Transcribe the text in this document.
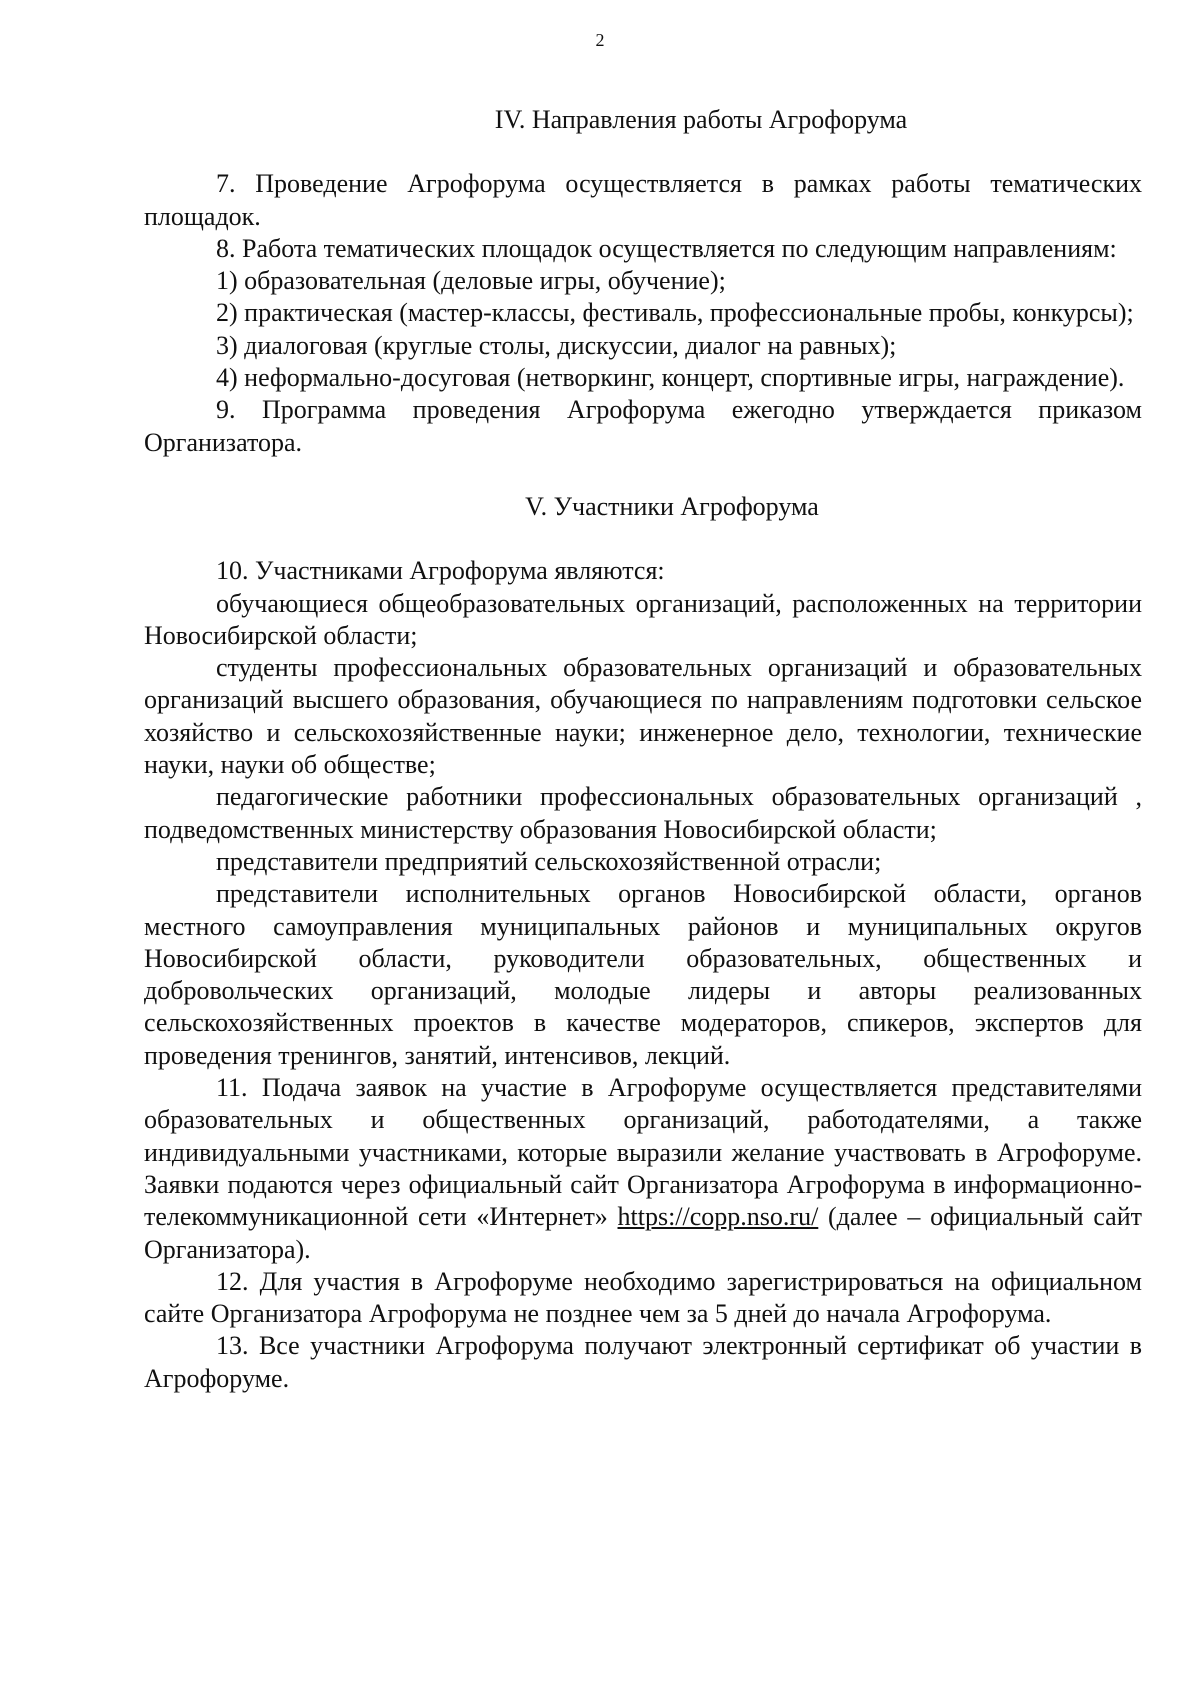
2

IV. Направления работы Агрофорума

7. Проведение Агрофорума осуществляется в рамках работы тематических площадок.

8. Работа тематических площадок осуществляется по следующим направлениям:

1) образовательная (деловые игры, обучение);

2) практическая (мастер-классы, фестиваль, профессиональные пробы, конкурсы);

3) диалоговая (круглые столы, дискуссии, диалог на равных);

4) неформально-досуговая (нетворкинг, концерт, спортивные игры, награждение).

9. Программа проведения Агрофорума ежегодно утверждается приказом Организатора.

V. Участники Агрофорума

10. Участниками Агрофорума являются:

обучающиеся общеобразовательных организаций, расположенных на территории Новосибирской области;

студенты профессиональных образовательных организаций и образовательных организаций высшего образования, обучающиеся по направлениям подготовки сельское хозяйство и сельскохозяйственные науки; инженерное дело, технологии, технические науки, науки об обществе;

педагогические работники профессиональных образовательных организаций , подведомственных министерству образования Новосибирской области;

представители предприятий сельскохозяйственной отрасли;

представители исполнительных органов Новосибирской области, органов местного самоуправления муниципальных районов и муниципальных округов Новосибирской области, руководители образовательных, общественных и добровольческих организаций, молодые лидеры и авторы реализованных сельскохозяйственных проектов в качестве модераторов, спикеров, экспертов для проведения тренингов, занятий, интенсивов, лекций.

11. Подача заявок на участие в Агрофоруме осуществляется представителями образовательных и общественных организаций, работодателями, а также индивидуальными участниками, которые выразили желание участвовать в Агрофоруме. Заявки подаются через официальный сайт Организатора Агрофорума в информационно-телекоммуникационной сети «Интернет» https://copp.nso.ru/ (далее – официальный сайт Организатора).

12. Для участия в Агрофоруме необходимо зарегистрироваться на официальном сайте Организатора Агрофорума не позднее чем за 5 дней до начала Агрофорума.

13. Все участники Агрофорума получают электронный сертификат об участии в Агрофоруме.
